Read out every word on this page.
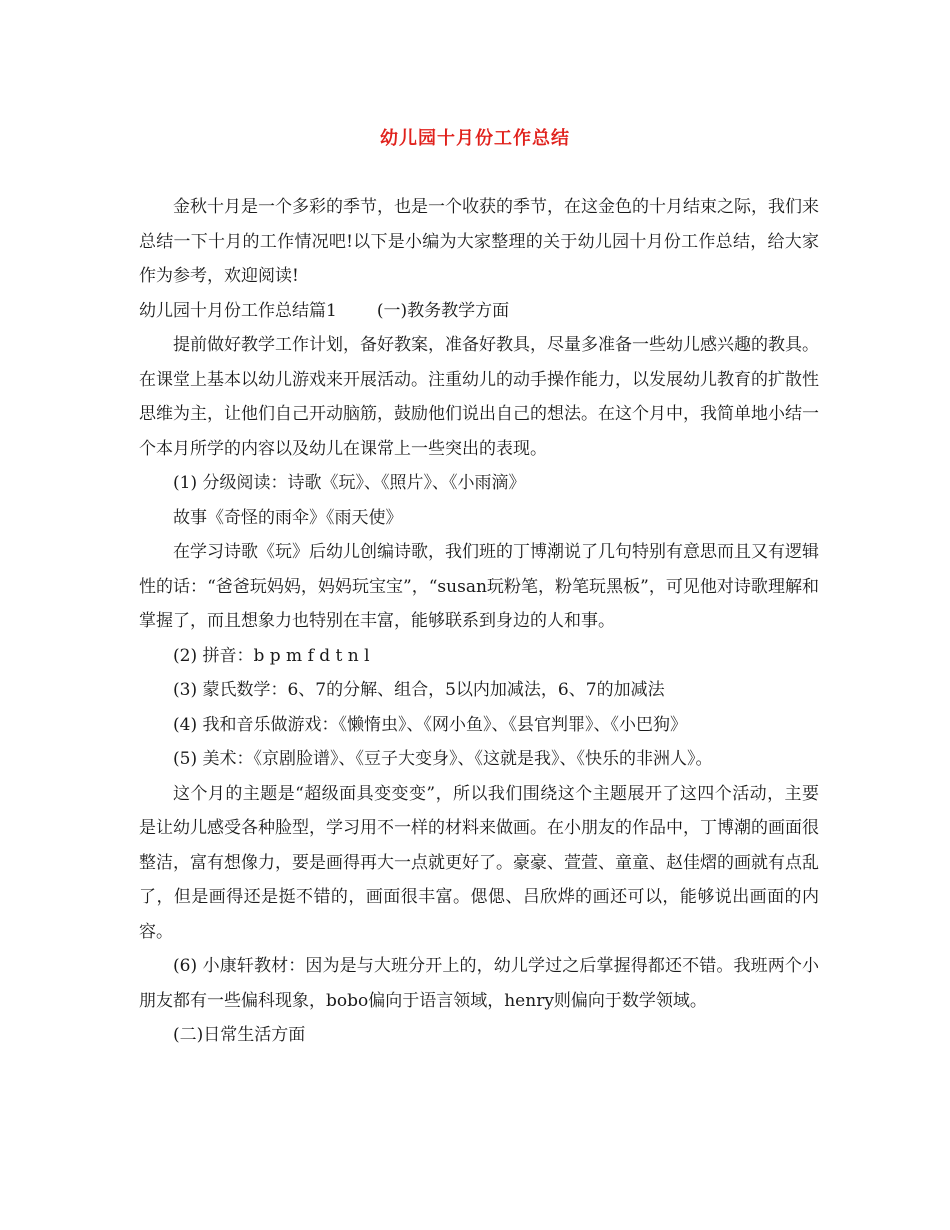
幼儿园十月份工作总结

金秋十月是一个多彩的季节，也是一个收获的季节，在这金色的十月结束之际，我们来总结一下十月的工作情况吧!以下是小编为大家整理的关于幼儿园十月份工作总结，给大家作为参考，欢迎阅读!

幼儿园十月份工作总结篇1 (一)教务教学方面

提前做好教学工作计划，备好教案，准备好教具，尽量多准备一些幼儿感兴趣的教具。在课堂上基本以幼儿游戏来开展活动。注重幼儿的动手操作能力，以发展幼儿教育的扩散性思维为主，让他们自己开动脑筋，鼓励他们说出自己的想法。在这个月中，我简单地小结一个本月所学的内容以及幼儿在课常上一些突出的表现。

(1) 分级阅读：诗歌《玩》、《照片》、《小雨滴》

故事《奇怪的雨伞》《雨天使》

在学习诗歌《玩》后幼儿创编诗歌，我们班的丁博潮说了几句特别有意思而且又有逻辑性的话：“爸爸玩妈妈，妈妈玩宝宝”，“susan玩粉笔，粉笔玩黑板”，可见他对诗歌理解和掌握了，而且想象力也特别在丰富，能够联系到身边的人和事。

(2) 拼音：b p m f d t n l

(3) 蒙氏数学：6、7的分解、组合，5以内加减法，6、7的加减法

(4) 我和音乐做游戏：《懒惰虫》、《网小鱼》、《县官判罪》、《小巴狗》

(5) 美术：《京剧脸谱》、《豆子大变身》、《这就是我》、《快乐的非洲人》。

这个月的主题是“超级面具变变变”，所以我们围绕这个主题展开了这四个活动，主要是让幼儿感受各种脸型，学习用不一样的材料来做画。在小朋友的作品中，丁博潮的画面很整洁，富有想像力，要是画得再大一点就更好了。豪豪、萱萱、童童、赵佳熠的画就有点乱了，但是画得还是挺不错的，画面很丰富。偲偲、吕欣烨的画还可以，能够说出画面的内容。

(6) 小康轩教材：因为是与大班分开上的，幼儿学过之后掌握得都还不错。我班两个小朋友都有一些偏科现象，bobo偏向于语言领域，henry则偏向于数学领域。

(二)日常生活方面
